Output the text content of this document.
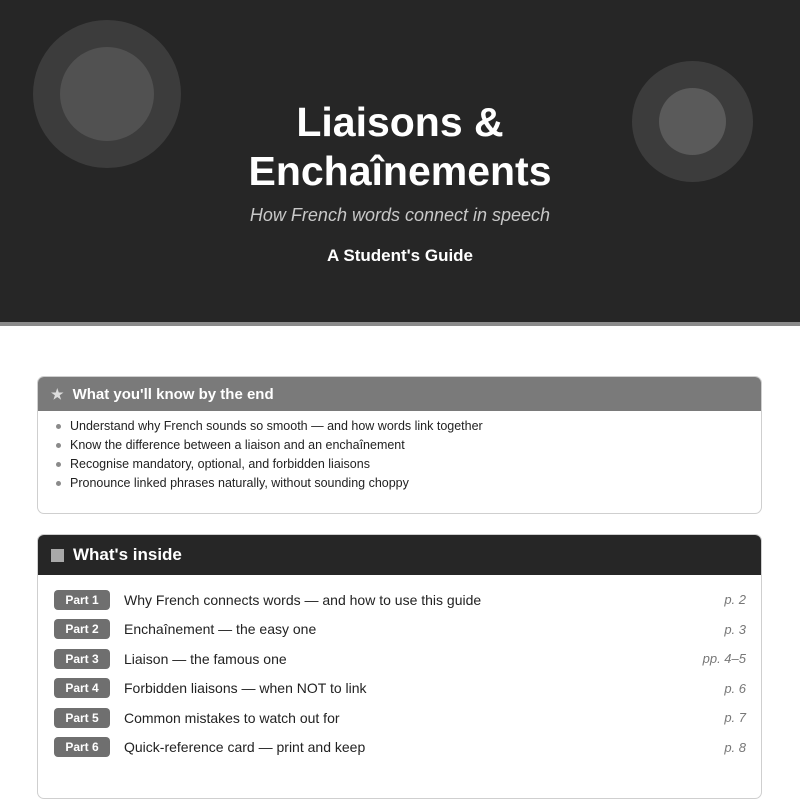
Liaisons &
Enchaînements
How French words connect in speech
A Student's Guide
★ What you'll know by the end
Understand why French sounds so smooth — and how words link together
Know the difference between a liaison and an enchaînement
Recognise mandatory, optional, and forbidden liaisons
Pronounce linked phrases naturally, without sounding choppy
What's inside
Part 1	Why French connects words — and how to use this guide	p. 2
Part 2	Enchaînement — the easy one	p. 3
Part 3	Liaison — the famous one	pp. 4–5
Part 4	Forbidden liaisons — when NOT to link	p. 6
Part 5	Common mistakes to watch out for	p. 7
Part 6	Quick-reference card — print and keep	p. 8
